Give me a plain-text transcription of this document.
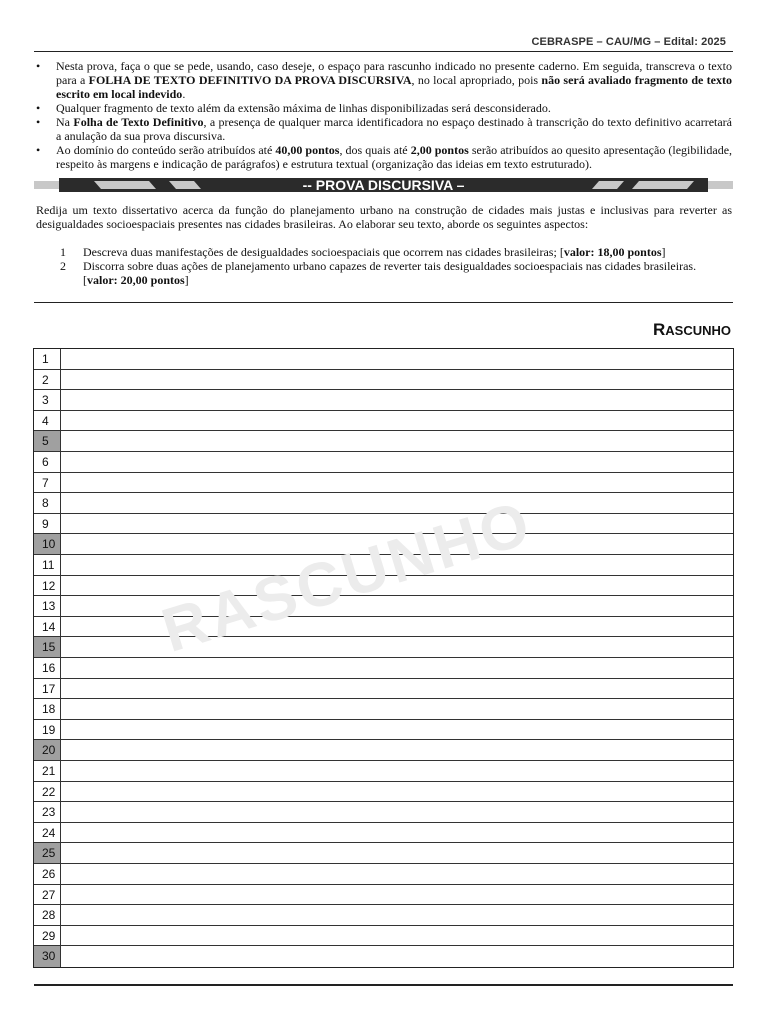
CEBRASPE – CAU/MG – Edital: 2025
• Nesta prova, faça o que se pede, usando, caso deseje, o espaço para rascunho indicado no presente caderno. Em seguida, transcreva o texto para a FOLHA DE TEXTO DEFINITIVO DA PROVA DISCURSIVA, no local apropriado, pois não será avaliado fragmento de texto escrito em local indevido.
• Qualquer fragmento de texto além da extensão máxima de linhas disponibilizadas será desconsiderado.
• Na Folha de Texto Definitivo, a presença de qualquer marca identificadora no espaço destinado à transcrição do texto definitivo acarretará a anulação da sua prova discursiva.
• Ao domínio do conteúdo serão atribuídos até 40,00 pontos, dos quais até 2,00 pontos serão atribuídos ao quesito apresentação (legibilidade, respeito às margens e indicação de parágrafos) e estrutura textual (organização das ideias em texto estruturado).
-- PROVA DISCURSIVA –
Redija um texto dissertativo acerca da função do planejamento urbano na construção de cidades mais justas e inclusivas para reverter as desigualdades socioespaciais presentes nas cidades brasileiras. Ao elaborar seu texto, aborde os seguintes aspectos:
1 Descreva duas manifestações de desigualdades socioespaciais que ocorrem nas cidades brasileiras; [valor: 18,00 pontos]
2 Discorra sobre duas ações de planejamento urbano capazes de reverter tais desigualdades socioespaciais nas cidades brasileiras. [valor: 20,00 pontos]
RASCUNHO
30
29
28
27
26
25
24
23
22
21
20
19
18
17
16
15
14
13
12
11
10
9
8
7
6
5
4
3
2
1
RASCUNHO
